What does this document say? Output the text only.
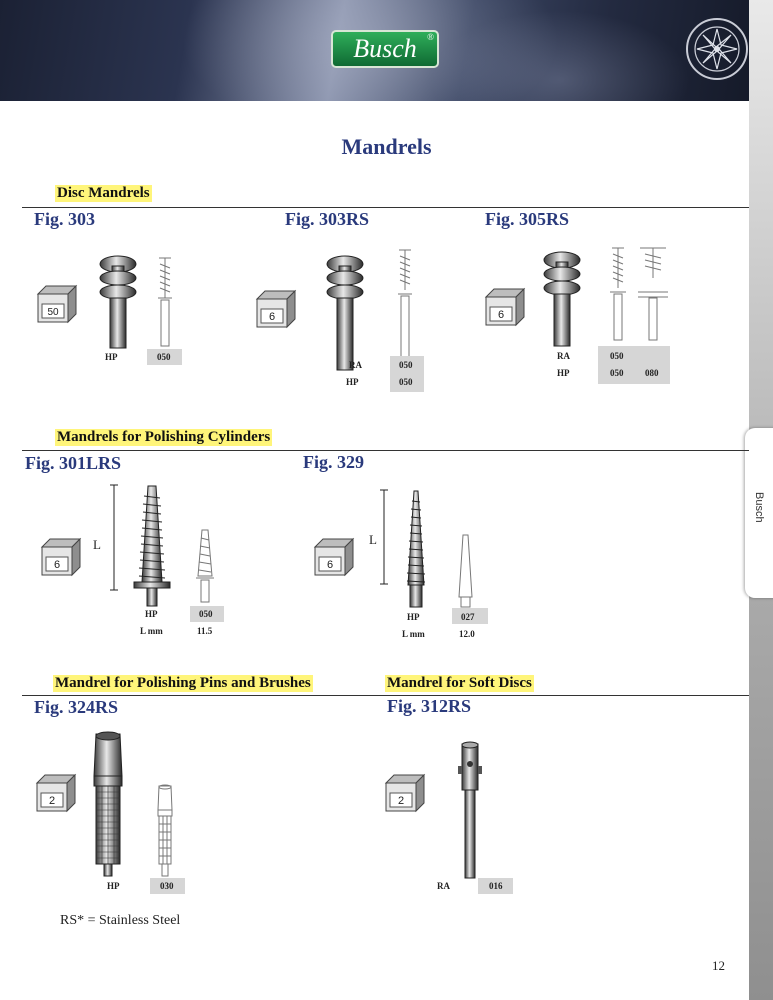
Busch ®
Busch
Mandrels
Disc Mandrels
Fig. 303	Fig. 303RS	Fig. 305RS
50
HP	050
6
RA
HP
050
050
6
RA
HP
050
050 080
Mandrels for Polishing Cylinders
Fig. 301LRS	Fig. 329
6
L
HP	050
L mm	11.5
6
L
HP	027
L mm	12.0
Mandrel for Polishing Pins and Brushes	Mandrel for Soft Discs
Fig. 324RS	Fig. 312RS
2
HP	030
2
RA	016
RS* = Stainless Steel
12
